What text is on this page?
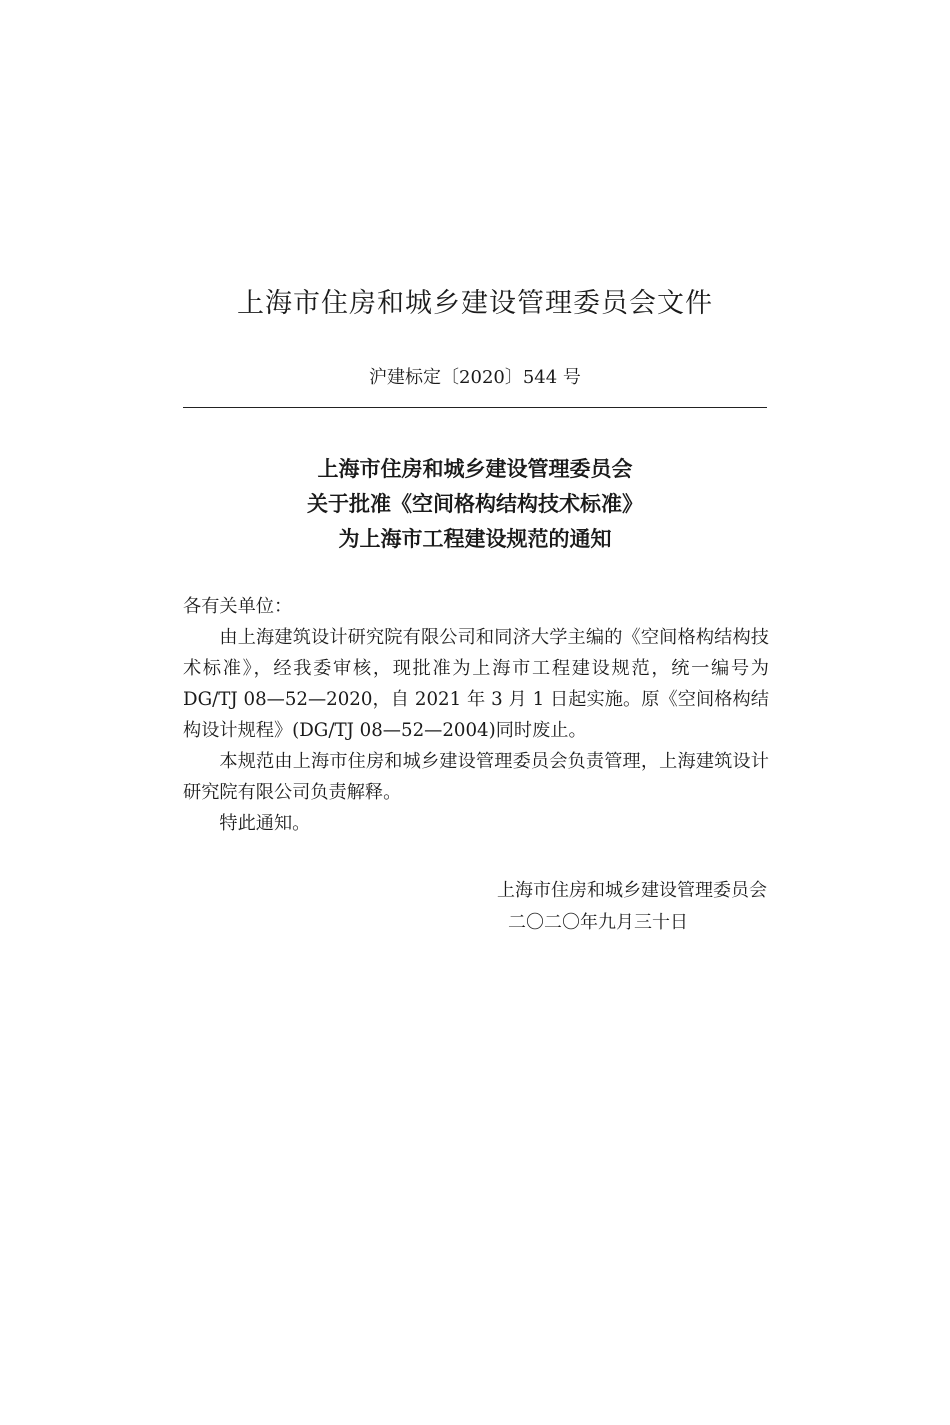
上海市住房和城乡建设管理委员会文件
沪建标定〔2020〕544 号
上海市住房和城乡建设管理委员会
关于批准《空间格构结构技术标准》
为上海市工程建设规范的通知

各有关单位：

由上海建筑设计研究院有限公司和同济大学主编的《空间格构结构技术标准》，经我委审核，现批准为上海市工程建设规范，统一编号为 DG/TJ 08—52—2020，自 2021 年 3 月 1 日起实施。原《空间格构结构设计规程》(DG/TJ 08—52—2004)同时废止。

本规范由上海市住房和城乡建设管理委员会负责管理，上海建筑设计研究院有限公司负责解释。

特此通知。

上海市住房和城乡建设管理委员会
二〇二〇年九月三十日
